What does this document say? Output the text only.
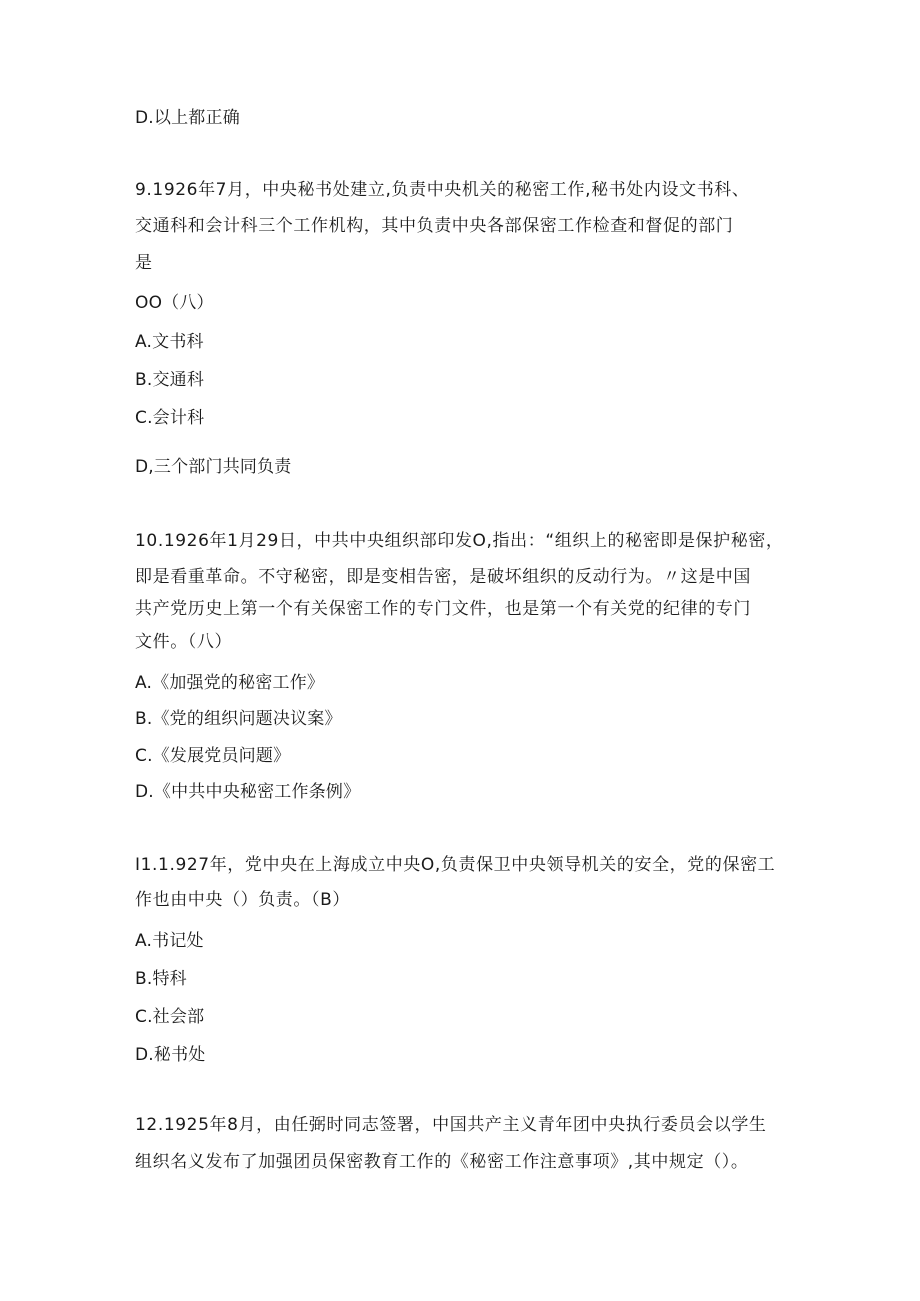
D.以上都正确
9.1926年7月，中央秘书处建立,负责中央机关的秘密工作,秘书处内设文书科、
交通科和会计科三个工作机构，其中负责中央各部保密工作检查和督促的部门
是
OO（八）
A.文书科
B.交通科
C.会计科
D,三个部门共同负责
10.1926年1月29日，中共中央组织部印发O,指出：“组织上的秘密即是保护秘密，
即是看重革命。不守秘密，即是变相告密，是破坏组织的反动行为。〃这是中国
共产党历史上第一个有关保密工作的专门文件，也是第一个有关党的纪律的专门
文件。（八）
A.《加强党的秘密工作》
B.《党的组织问题决议案》
C.《发展党员问题》
D.《中共中央秘密工作条例》
I1.1.927年，党中央在上海成立中央O,负责保卫中央领导机关的安全，党的保密工
作也由中央（）负责。（B）
A.书记处
B.特科
C.社会部
D.秘书处
12.1925年8月，由任弼时同志签署，中国共产主义青年团中央执行委员会以学生
组织名义发布了加强团员保密教育工作的《秘密工作注意事项》,其中规定（）。
